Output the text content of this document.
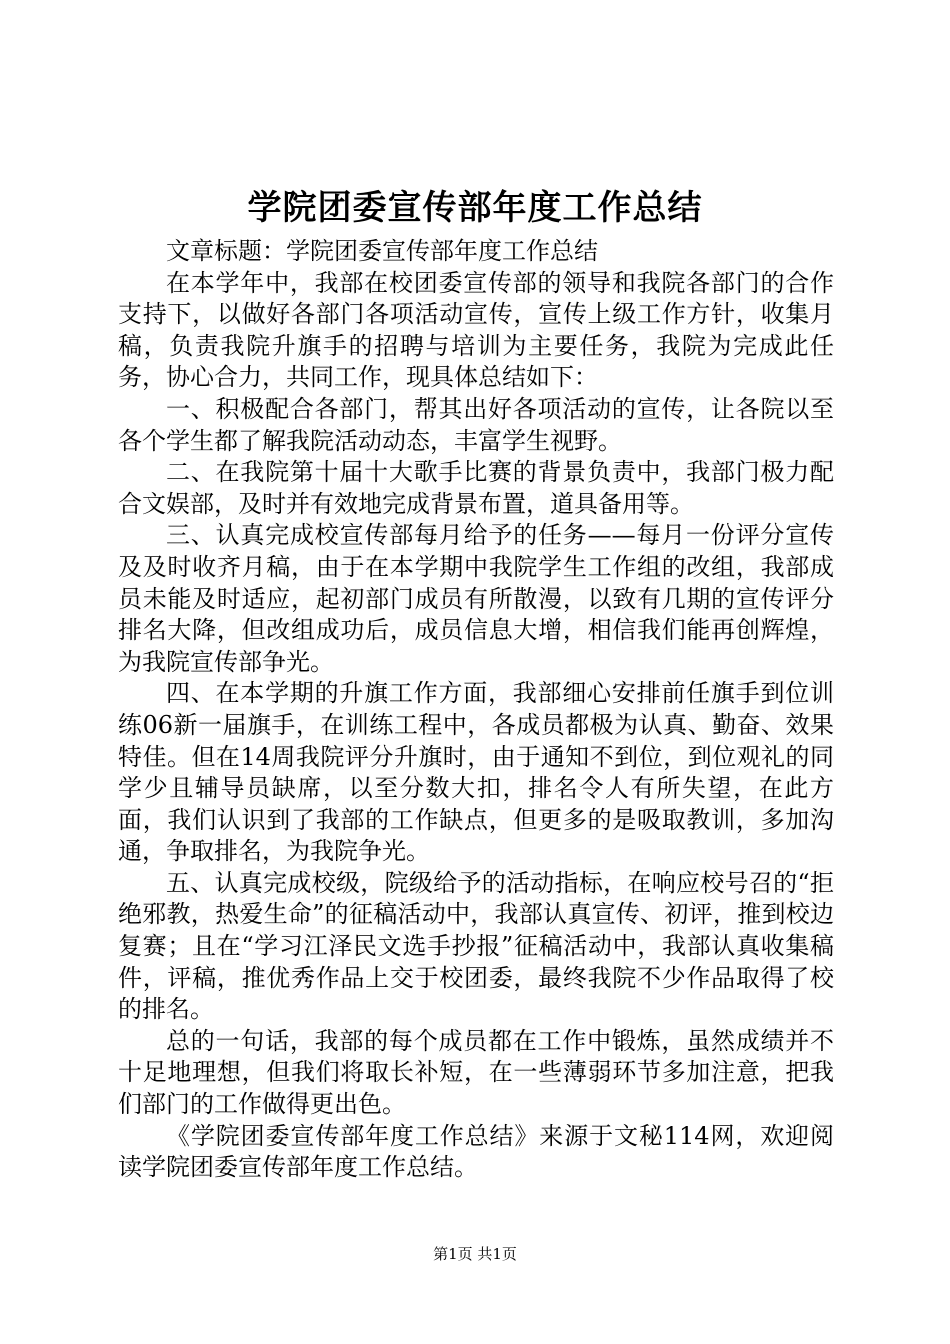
学院团委宣传部年度工作总结

文章标题：学院团委宣传部年度工作总结

在本学年中，我部在校团委宣传部的领导和我院各部门的合作支持下，以做好各部门各项活动宣传，宣传上级工作方针，收集月稿，负责我院升旗手的招聘与培训为主要任务，我院为完成此任务，协心合力，共同工作，现具体总结如下：

一、积极配合各部门，帮其出好各项活动的宣传，让各院以至各个学生都了解我院活动动态，丰富学生视野。

二、在我院第十届十大歌手比赛的背景负责中，我部门极力配合文娱部，及时并有效地完成背景布置，道具备用等。

三、认真完成校宣传部每月给予的任务——每月一份评分宣传及及时收齐月稿，由于在本学期中我院学生工作组的改组，我部成员未能及时适应，起初部门成员有所散漫，以致有几期的宣传评分排名大降，但改组成功后，成员信息大增，相信我们能再创辉煌，为我院宣传部争光。

四、在本学期的升旗工作方面，我部细心安排前任旗手到位训练06新一届旗手，在训练工程中，各成员都极为认真、勤奋、效果特佳。但在14周我院评分升旗时，由于通知不到位，到位观礼的同学少且辅导员缺席，以至分数大扣，排名令人有所失望，在此方面，我们认识到了我部的工作缺点，但更多的是吸取教训，多加沟通，争取排名，为我院争光。

五、认真完成校级，院级给予的活动指标，在响应校号召的“拒绝邪教，热爱生命”的征稿活动中，我部认真宣传、初评，推到校边复赛；且在“学习江泽民文选手抄报”征稿活动中，我部认真收集稿件，评稿，推优秀作品上交于校团委，最终我院不少作品取得了校的排名。

总的一句话，我部的每个成员都在工作中锻炼，虽然成绩并不十足地理想，但我们将取长补短，在一些薄弱环节多加注意，把我们部门的工作做得更出色。

《学院团委宣传部年度工作总结》来源于文秘114网，欢迎阅读学院团委宣传部年度工作总结。

第1页 共1页
